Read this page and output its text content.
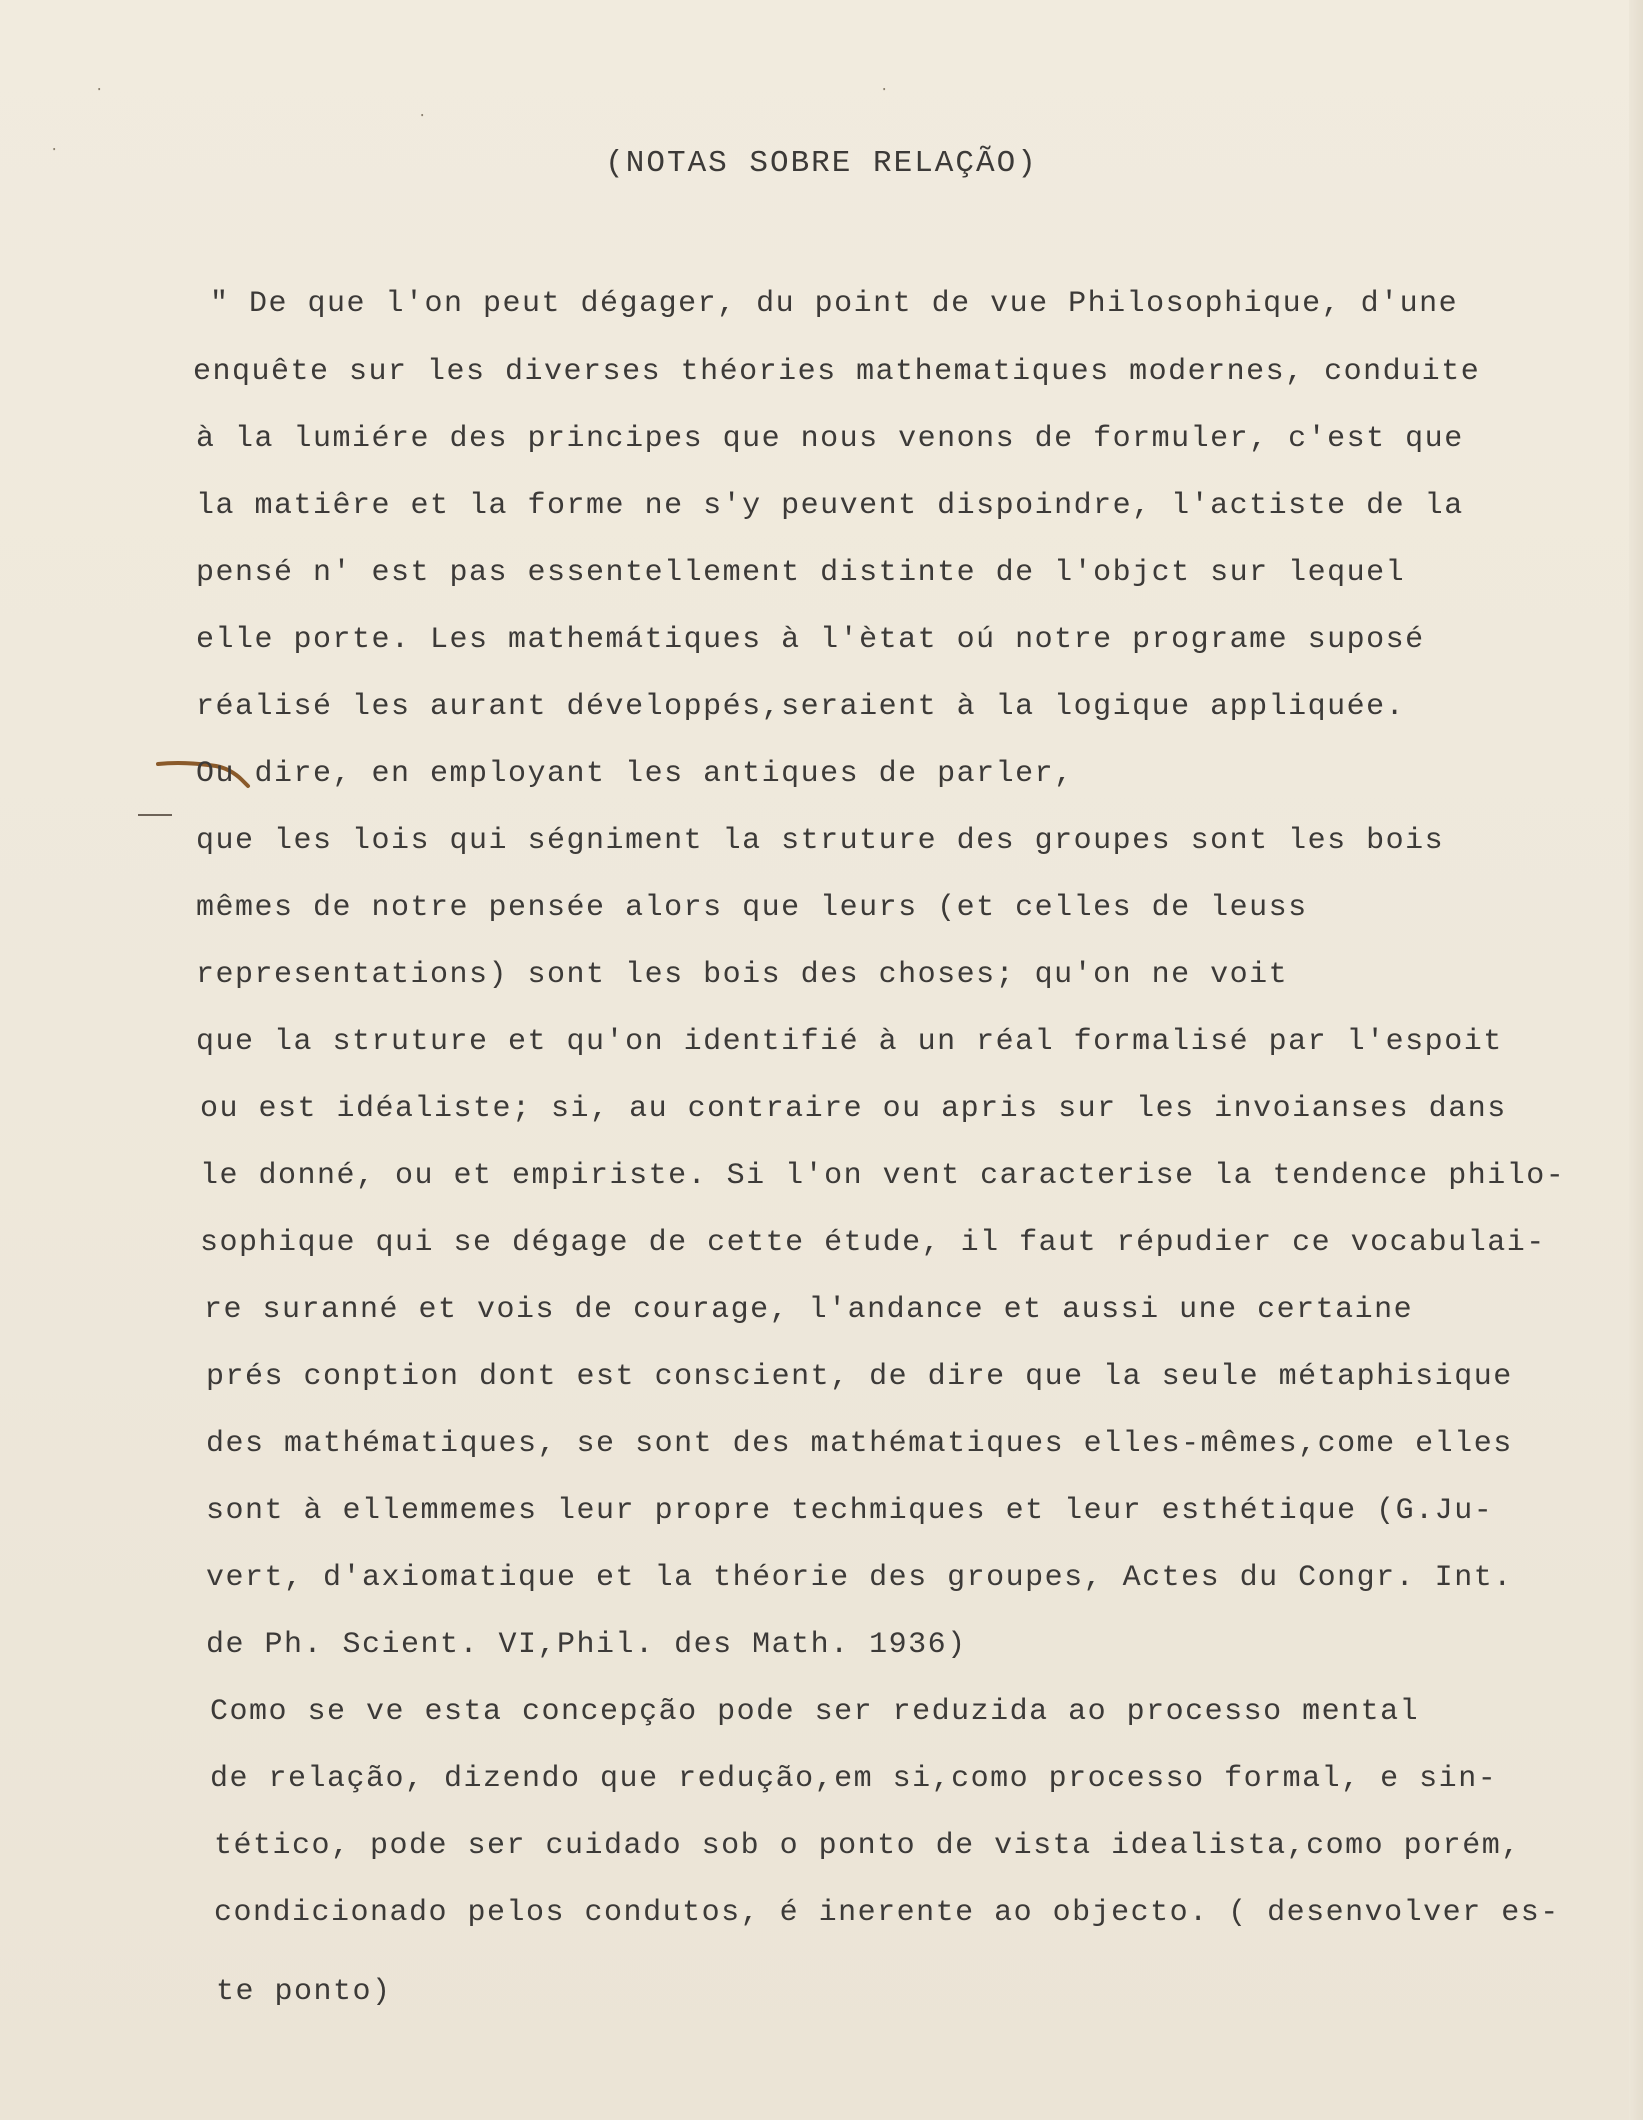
⋅
⋅
⋅
⋅
(NOTAS SOBRE RELAÇÃO)
" De que l'on peut dégager, du point de vue Philosophique, d'une
enquête sur les diverses théories mathematiques modernes, conduite
à la lumiére des principes que nous venons de formuler, c'est que
la matiêre et la forme ne s'y peuvent dispoindre, l'actiste de la
pensé n' est pas essentellement distinte de l'objct sur lequel
elle porte. Les mathemátiques à l'ètat oú notre programe suposé
réalisé les aurant développés,seraient à la logique appliquée.
Ou dire, en employant les antiques de parler,
que les lois qui ségniment la struture des groupes sont les bois
mêmes de notre pensée alors que leurs (et celles de leuss
representations) sont les bois des choses; qu'on ne voit
que la struture et qu'on identifié à un réal formalisé par l'espoit
ou est idéaliste; si, au contraire ou apris sur les invoianses dans
le donné, ou et empiriste. Si l'on vent caracterise la tendence philo-
sophique qui se dégage de cette étude, il faut répudier ce vocabulai-
re suranné et vois de courage, l'andance et aussi une certaine
prés conption dont est conscient, de dire que la seule métaphisique
des mathématiques, se sont des mathématiques elles-mêmes,come elles
sont à ellemmemes leur propre techmiques et leur esthétique (G.Ju-
vert, d'axiomatique et la théorie des groupes, Actes du Congr. Int.
de Ph. Scient. VI,Phil. des Math. 1936)
Como se ve esta concepção pode ser reduzida ao processo mental
de relação, dizendo que redução,em si,como processo formal, e sin-
tético, pode ser cuidado sob o ponto de vista idealista,como porém,
condicionado pelos condutos, é inerente ao objecto. ( desenvolver es-
te ponto)
